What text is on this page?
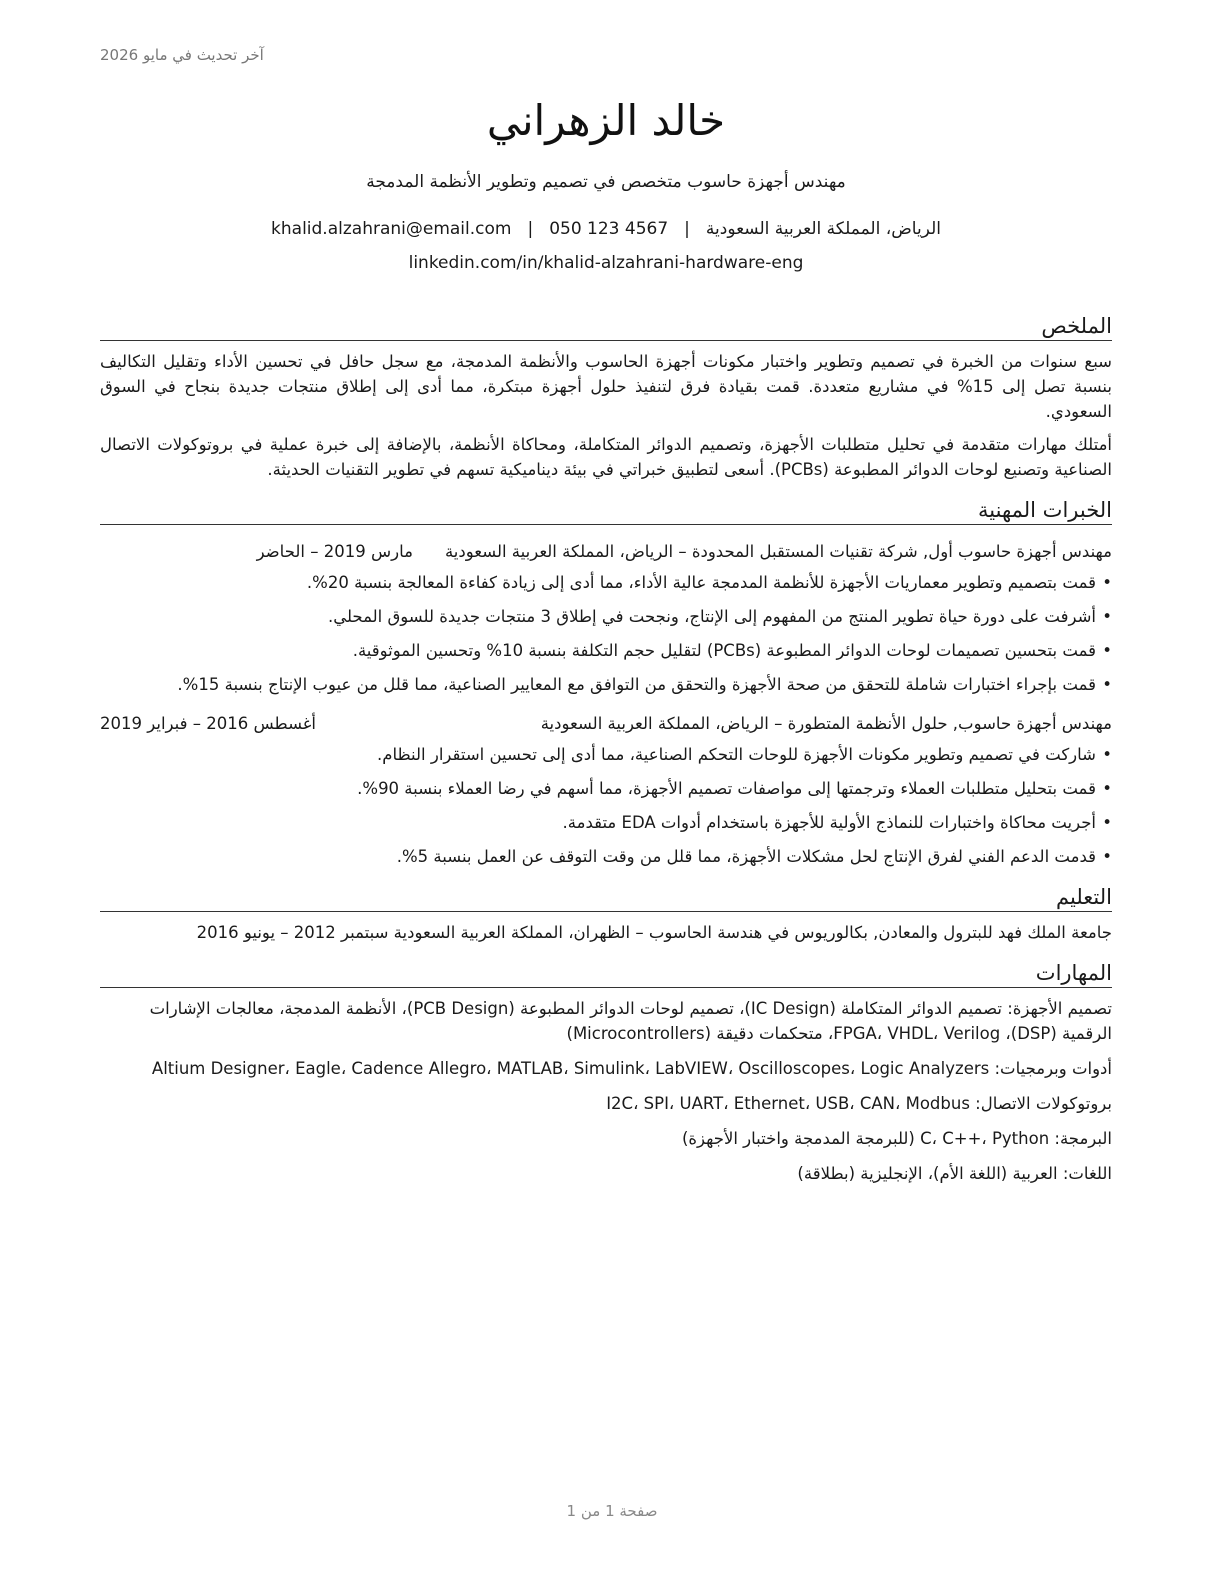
آخر تحديث في مايو 2026
خالد الزهراني
مهندس أجهزة حاسوب متخصص في تصميم وتطوير الأنظمة المدمجة
الرياض، المملكة العربية السعودية|khalid.alzahrani@email.com | 050 123 4567
linkedin.com/in/khalid-alzahrani-hardware-eng
الملخص

سبع سنوات من الخبرة في تصميم وتطوير واختبار مكونات أجهزة الحاسوب والأنظمة المدمجة، مع سجل حافل في تحسين الأداء وتقليل التكاليف بنسبة تصل إلى 15% في مشاريع متعددة. قمت بقيادة فرق لتنفيذ حلول أجهزة مبتكرة، مما أدى إلى إطلاق منتجات جديدة بنجاح في السوق السعودي.

أمتلك مهارات متقدمة في تحليل متطلبات الأجهزة، وتصميم الدوائر المتكاملة، ومحاكاة الأنظمة، بالإضافة إلى خبرة عملية في بروتوكولات الاتصال الصناعية وتصنيع لوحات الدوائر المطبوعة (PCBs). أسعى لتطبيق خبراتي في بيئة ديناميكية تسهم في تطوير التقنيات الحديثة.

الخبرات المهنية
مهندس أجهزة حاسوب أول, شركة تقنيات المستقبل المحدودة – الرياض، المملكة العربية السعودية
مارس 2019 – الحاضر
• قمت بتصميم وتطوير معماريات الأجهزة للأنظمة المدمجة عالية الأداء، مما أدى إلى زيادة كفاءة المعالجة بنسبة 20%.
• أشرفت على دورة حياة تطوير المنتج من المفهوم إلى الإنتاج، ونجحت في إطلاق 3 منتجات جديدة للسوق المحلي.
• قمت بتحسين تصميمات لوحات الدوائر المطبوعة (PCBs) لتقليل حجم التكلفة بنسبة 10% وتحسين الموثوقية.
• قمت بإجراء اختبارات شاملة للتحقق من صحة الأجهزة والتحقق من التوافق مع المعايير الصناعية، مما قلل من عيوب الإنتاج بنسبة 15%.
مهندس أجهزة حاسوب, حلول الأنظمة المتطورة – الرياض، المملكة العربية السعودية
أغسطس 2016 – فبراير 2019
• شاركت في تصميم وتطوير مكونات الأجهزة للوحات التحكم الصناعية، مما أدى إلى تحسين استقرار النظام.
• قمت بتحليل متطلبات العملاء وترجمتها إلى مواصفات تصميم الأجهزة، مما أسهم في رضا العملاء بنسبة 90%.
• أجريت محاكاة واختبارات للنماذج الأولية للأجهزة باستخدام أدوات EDA متقدمة.
• قدمت الدعم الفني لفرق الإنتاج لحل مشكلات الأجهزة، مما قلل من وقت التوقف عن العمل بنسبة 5%.
التعليم
جامعة الملك فهد للبترول والمعادن, بكالوريوس في هندسة الحاسوب – الظهران، المملكة العربية السعودية سبتمبر 2012 – يونيو 2016
المهارات

تصميم الأجهزة: تصميم الدوائر المتكاملة (IC Design)، تصميم لوحات الدوائر المطبوعة (PCB Design)، الأنظمة المدمجة، معالجات الإشارات الرقمية (DSP)، FPGA، VHDL، Verilog، متحكمات دقيقة (Microcontrollers)

أدوات وبرمجيات: Altium Designer، Eagle، Cadence Allegro، MATLAB، Simulink، LabVIEW، Oscilloscopes، Logic Analyzers

بروتوكولات الاتصال: I2C، SPI، UART، Ethernet، USB، CAN، Modbus

البرمجة: C، C++، Python (للبرمجة المدمجة واختبار الأجهزة)

اللغات: العربية (اللغة الأم)، الإنجليزية (بطلاقة)

صفحة 1 من 1
